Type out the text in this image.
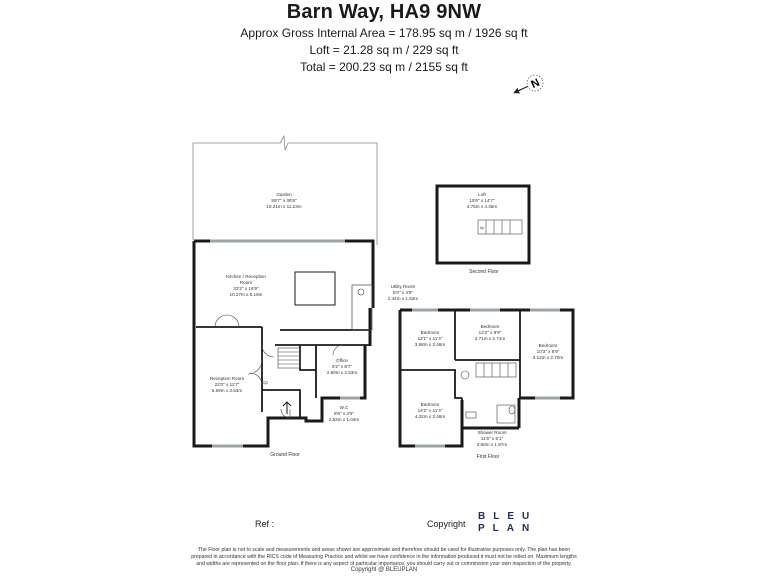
Barn Way, HA9 9NW
Approx Gross Internal Area = 178.95 sq m / 1926 sq ft
Loft = 21.28 sq m / 229 sq ft
Total = 200.23 sq m / 2155 sq ft
N
Garden
59'7" x 36'8"
18.21m x 11.23m
Kitchen / Reception
Room
33'2" x 16'9"
10.27m x 5.18m
Utility Room
8'0" x 4'9"
2.44m x 1.53m
Office
9'2" x 8'7"
2.80m x 2.53m
Reception Room
22'0" x 11'7"
6.69m x 3.53m
W.C
8'6" x 3'5"
2.53m x 1.04m
Cp
Ground Floor
Loft
15'6" x 14'7"
4.75m x 4.45m
Up
Second Floor
Bedroom
12'1" x 11'4"
3.68m x 3.46m
Bedroom
12'2" x 8'9"
3.71m x 2.71m
Bedroom
10'3" x 8'9"
3.12m x 2.70m
Bedroom
14'2" x 11'4"
4.32m x 3.46m
Shower Room
11'9" x 6'1"
3.60m x 1.87m
First Floor
Ref :	Copyright
BLEU
PLAN
The Floor plan is not to scale and measurements and areas shown are approximate and therefore should be used for illustrative purposes only. The plan has been prepared in accordance with the RICS code of Measuring Practice and whilst we have confidence in the information produced it must not be relied on. Maximum lengths and widths are represented on the floor plan. If there is any aspect of particular importance, you should carry out or commission your own inspection of the property.
Copyright @ BLEUPLAN
